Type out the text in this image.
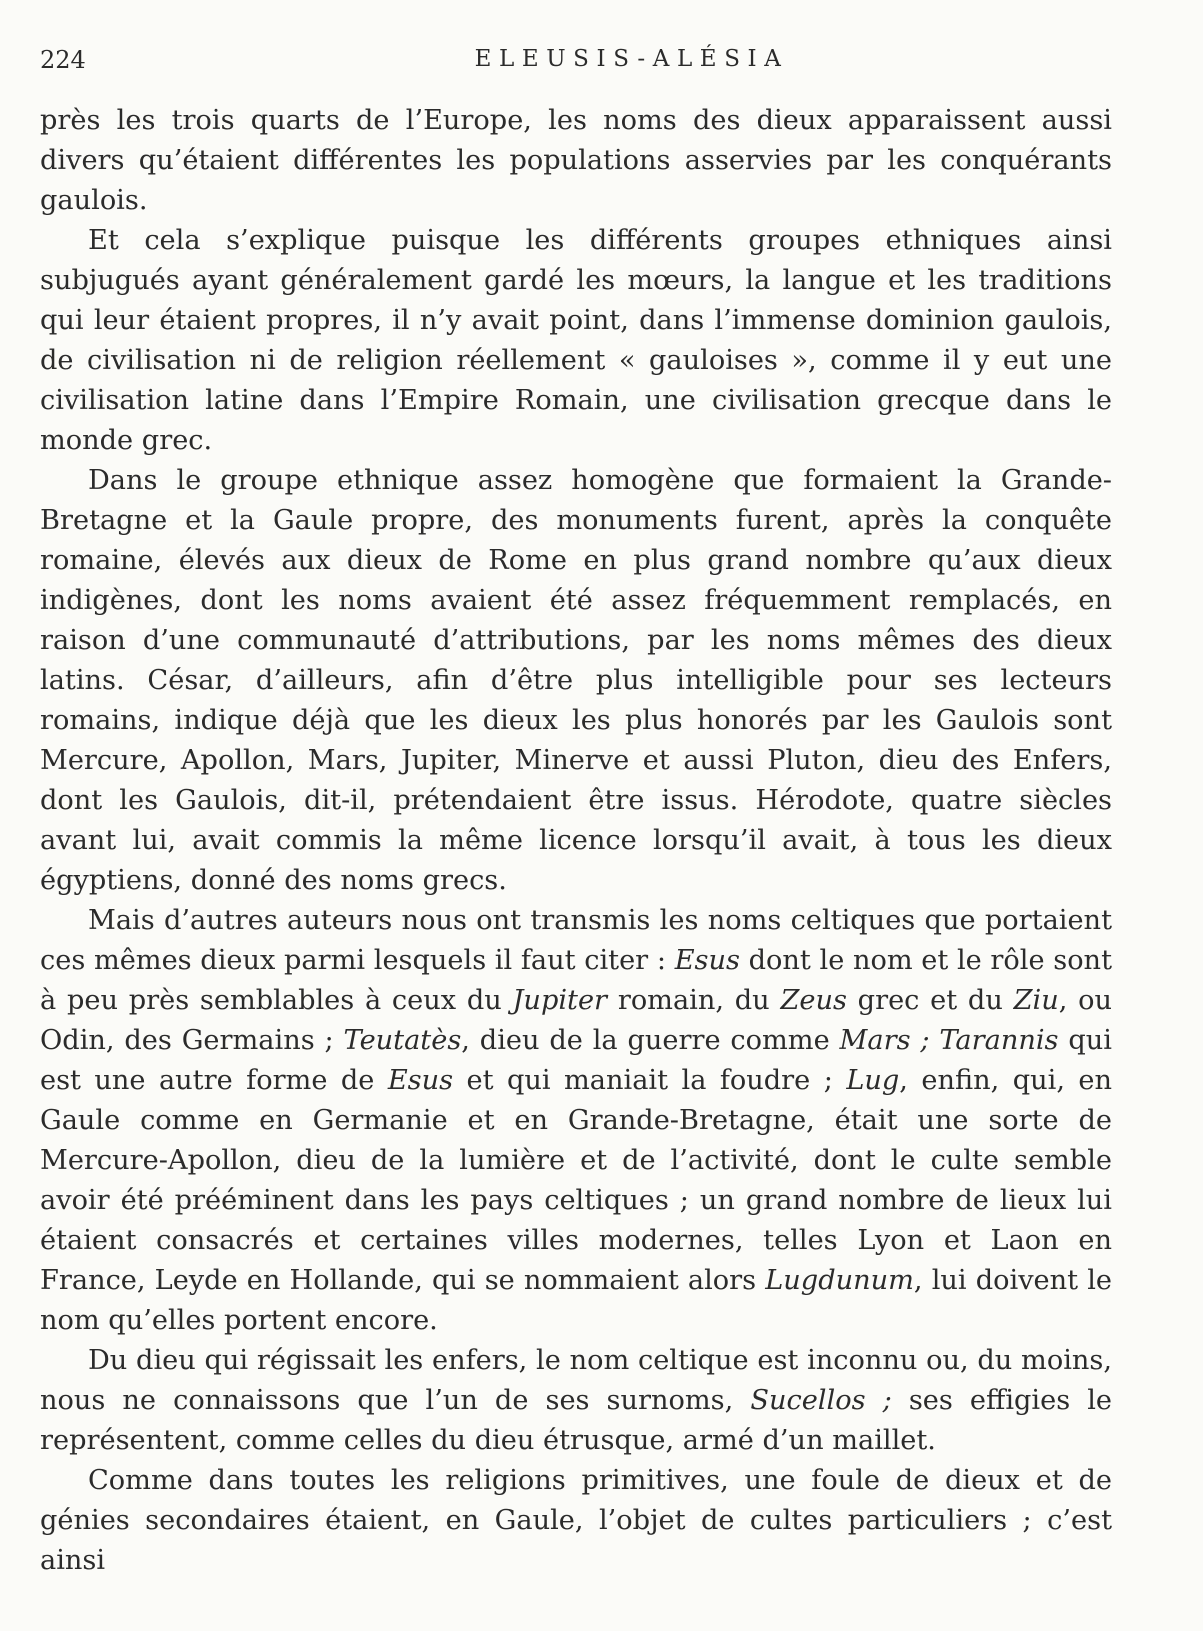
224	ELEUSIS-ALÉSIA

près les trois quarts de l’Europe, les noms des dieux apparaissent aussi divers qu’étaient différentes les populations asservies par les conquérants gaulois.

Et cela s’explique puisque les différents groupes ethniques ainsi subjugués ayant généralement gardé les mœurs, la langue et les traditions qui leur étaient propres, il n’y avait point, dans l’immense dominion gaulois, de civilisation ni de religion réellement « gauloises », comme il y eut une civilisation latine dans l’Empire Romain, une civilisation grecque dans le monde grec.

Dans le groupe ethnique assez homogène que formaient la Grande-Bretagne et la Gaule propre, des monuments furent, après la conquête romaine, élevés aux dieux de Rome en plus grand nombre qu’aux dieux indigènes, dont les noms avaient été assez fréquemment remplacés, en raison d’une communauté d’attributions, par les noms mêmes des dieux latins. César, d’ailleurs, afin d’être plus intelligible pour ses lecteurs romains, indique déjà que les dieux les plus honorés par les Gaulois sont Mercure, Apollon, Mars, Jupiter, Minerve et aussi Pluton, dieu des Enfers, dont les Gaulois, dit-il, prétendaient être issus. Hérodote, quatre siècles avant lui, avait commis la même licence lorsqu’il avait, à tous les dieux égyptiens, donné des noms grecs.

Mais d’autres auteurs nous ont transmis les noms celtiques que portaient ces mêmes dieux parmi lesquels il faut citer : Esus dont le nom et le rôle sont à peu près semblables à ceux du Jupiter romain, du Zeus grec et du Ziu, ou Odin, des Germains ; Teutatès, dieu de la guerre comme Mars ; Tarannis qui est une autre forme de Esus et qui maniait la foudre ; Lug, enfin, qui, en Gaule comme en Germanie et en Grande-Bretagne, était une sorte de Mercure-Apollon, dieu de la lumière et de l’activité, dont le culte semble avoir été prééminent dans les pays celtiques ; un grand nombre de lieux lui étaient consacrés et certaines villes modernes, telles Lyon et Laon en France, Leyde en Hollande, qui se nommaient alors Lugdunum, lui doivent le nom qu’elles portent encore.

Du dieu qui régissait les enfers, le nom celtique est inconnu ou, du moins, nous ne connaissons que l’un de ses surnoms, Sucellos ; ses effigies le représentent, comme celles du dieu étrusque, armé d’un maillet.

Comme dans toutes les religions primitives, une foule de dieux et de génies secondaires étaient, en Gaule, l’objet de cultes particuliers ; c’est ainsi
